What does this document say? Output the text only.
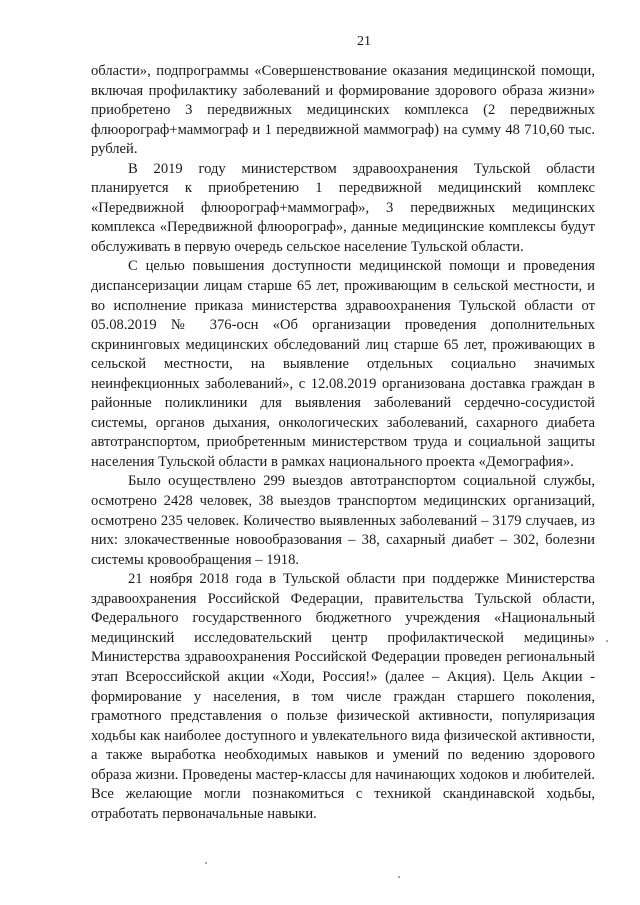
21

области», подпрограммы «Совершенствование оказания медицинской помощи, включая профилактику заболеваний и формирование здорового образа жизни» приобретено 3 передвижных медицинских комплекса (2 передвижных флюорограф+маммограф и 1 передвижной маммограф) на сумму 48 710,60 тыс. рублей.

В 2019 году министерством здравоохранения Тульской области планируется к приобретению 1 передвижной медицинский комплекс «Передвижной флюорограф+маммограф», 3 передвижных медицинских комплекса «Передвижной флюорограф», данные медицинские комплексы будут обслуживать в первую очередь сельское население Тульской области.

С целью повышения доступности медицинской помощи и проведения диспансеризации лицам старше 65 лет, проживающим в сельской местности, и во исполнение приказа министерства здравоохранения Тульской области от 05.08.2019 № 376-осн «Об организации проведения дополнительных скрининговых медицинских обследований лиц старше 65 лет, проживающих в сельской местности, на выявление отдельных социально значимых неинфекционных заболеваний», с 12.08.2019 организована доставка граждан в районные поликлиники для выявления заболеваний сердечно-сосудистой системы, органов дыхания, онкологических заболеваний, сахарного диабета автотранспортом, приобретенным министерством труда и социальной защиты населения Тульской области в рамках национального проекта «Демография».

Было осуществлено 299 выездов автотранспортом социальной службы, осмотрено 2428 человек, 38 выездов транспортом медицинских организаций, осмотрено 235 человек. Количество выявленных заболеваний – 3179 случаев, из них: злокачественные новообразования – 38, сахарный диабет – 302, болезни системы кровообращения – 1918.

21 ноября 2018 года в Тульской области при поддержке Министерства здравоохранения Российской Федерации, правительства Тульской области, Федерального государственного бюджетного учреждения «Национальный медицинский исследовательский центр профилактической медицины» Министерства здравоохранения Российской Федерации проведен региональный этап Всероссийской акции «Ходи, Россия!» (далее – Акция). Цель Акции - формирование у населения, в том числе граждан старшего поколения, грамотного представления о пользе физической активности, популяризация ходьбы как наиболее доступного и увлекательного вида физической активности, а также выработка необходимых навыков и умений по ведению здорового образа жизни. Проведены мастер-классы для начинающих ходоков и любителей. Все желающие могли познакомиться с техникой скандинавской ходьбы, отработать первоначальные навыки.
